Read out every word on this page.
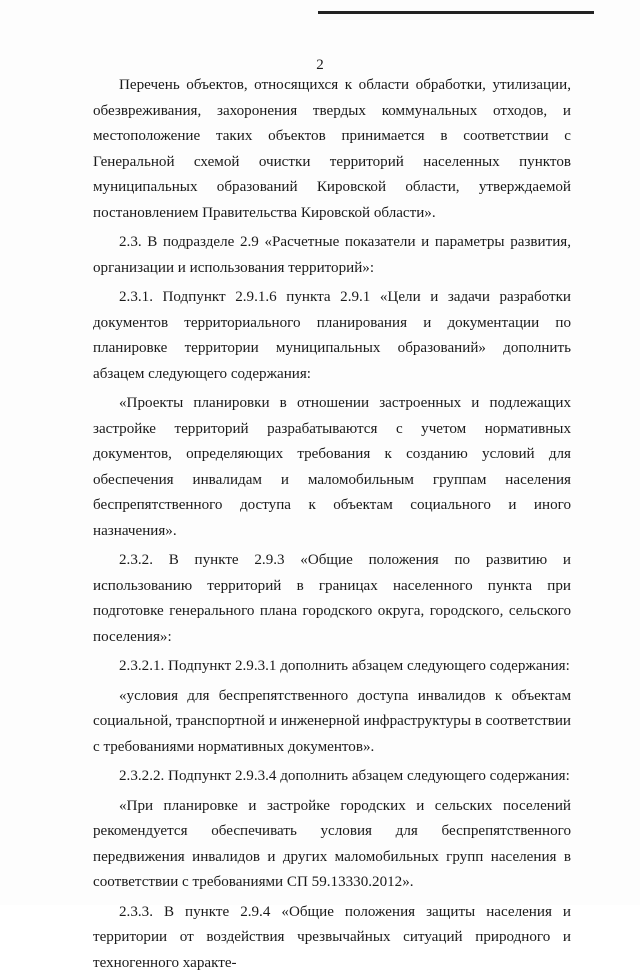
2

Перечень объектов, относящихся к области обработки, утилизации, обезвреживания, захоронения твердых коммунальных отходов, и местоположение таких объектов принимается в соответствии с Генеральной схемой очистки территорий населенных пунктов муниципальных образований Кировской области, утверждаемой постановлением Правительства Кировской области».

2.3. В подразделе 2.9 «Расчетные показатели и параметры развития, организации и использования территорий»:

2.3.1. Подпункт 2.9.1.6 пункта 2.9.1 «Цели и задачи разработки документов территориального планирования и документации по планировке территории муниципальных образований» дополнить абзацем следующего содержания:

«Проекты планировки в отношении застроенных и подлежащих застройке территорий разрабатываются с учетом нормативных документов, определяющих требования к созданию условий для обеспечения инвалидам и маломобильным группам населения беспрепятственного доступа к объектам социального и иного назначения».

2.3.2. В пункте 2.9.3 «Общие положения по развитию и использованию территорий в границах населенного пункта при подготовке генерального плана городского округа, городского, сельского поселения»:

2.3.2.1. Подпункт 2.9.3.1 дополнить абзацем следующего содержания:

«условия для беспрепятственного доступа инвалидов к объектам социальной, транспортной и инженерной инфраструктуры в соответствии с требованиями нормативных документов».

2.3.2.2. Подпункт 2.9.3.4 дополнить абзацем следующего содержания:

«При планировке и застройке городских и сельских поселений рекомендуется обеспечивать условия для беспрепятственного передвижения инвалидов и других маломобильных групп населения в соответствии с требованиями СП 59.13330.2012».

2.3.3. В пункте 2.9.4 «Общие положения защиты населения и территории от воздействия чрезвычайных ситуаций природного и техногенного характе-
